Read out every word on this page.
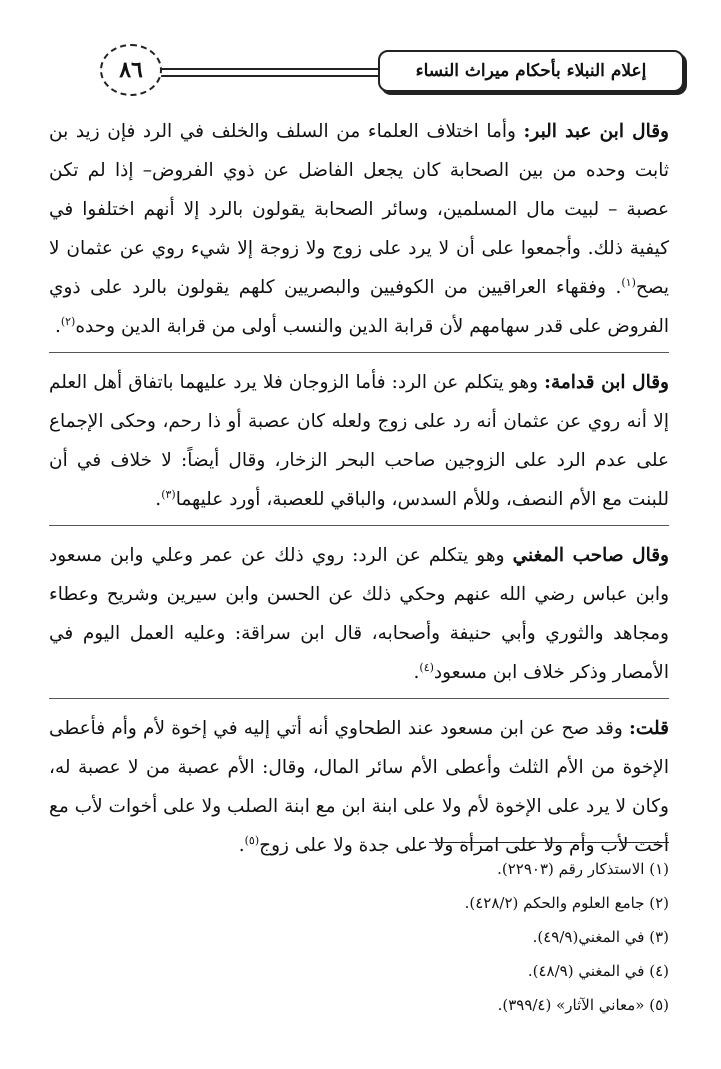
إعلام النبلاء بأحكام ميراث النساء
٨٦

وقال ابن عبد البر: وأما اختلاف العلماء من السلف والخلف في الرد فإن زيد بن ثابت وحده من بين الصحابة كان يجعل الفاضل عن ذوي الفروض– إذا لم تكن عصبة – لبيت مال المسلمين، وسائر الصحابة يقولون بالرد إلا أنهم اختلفوا في كيفية ذلك. وأجمعوا على أن لا يرد على زوج ولا زوجة إلا شيء روي عن عثمان لا يصح$^{(١)}$. وفقهاء العراقيين من الكوفيين والبصريين كلهم يقولون بالرد على ذوي الفروض على قدر سهامهم لأن قرابة الدين والنسب أولى من قرابة الدين وحده$^{(٢)}$.

وقال ابن قدامة: وهو يتكلم عن الرد: فأما الزوجان فلا يرد عليهما باتفاق أهل العلم إلا أنه روي عن عثمان أنه رد على زوج ولعله كان عصبة أو ذا رحم، وحكى الإجماع على عدم الرد على الزوجين صاحب البحر الزخار، وقال أيضاً: لا خلاف في أن للبنت مع الأم النصف، وللأم السدس، والباقي للعصبة، أورد عليهما$^{(٣)}$.

وقال صاحب المغني وهو يتكلم عن الرد: روي ذلك عن عمر وعلي وابن مسعود وابن عباس رضي الله عنهم وحكي ذلك عن الحسن وابن سيرين وشريح وعطاء ومجاهد والثوري وأبي حنيفة وأصحابه، قال ابن سراقة: وعليه العمل اليوم في الأمصار وذكر خلاف ابن مسعود$^{(٤)}$.

قلت: وقد صح عن ابن مسعود عند الطحاوي أنه أتي إليه في إخوة لأم وأم فأعطى الإخوة من الأم الثلث وأعطى الأم سائر المال، وقال: الأم عصبة من لا عصبة له، وكان لا يرد على الإخوة لأم ولا على ابنة ابن مع ابنة الصلب ولا على أخوات لأب مع أخت لأب وأم ولا على امرأة ولا على جدة ولا على زوج$^{(٥)}$.

(١) الاستذكار رقم (٢٢٩٠٣).

(٢) جامع العلوم والحكم (٤٢٨/٢).

(٣) في المغني(٤٩/٩).

(٤) في المغني (٤٨/٩).

(٥) «معاني الآثار» (٣٩٩/٤).
